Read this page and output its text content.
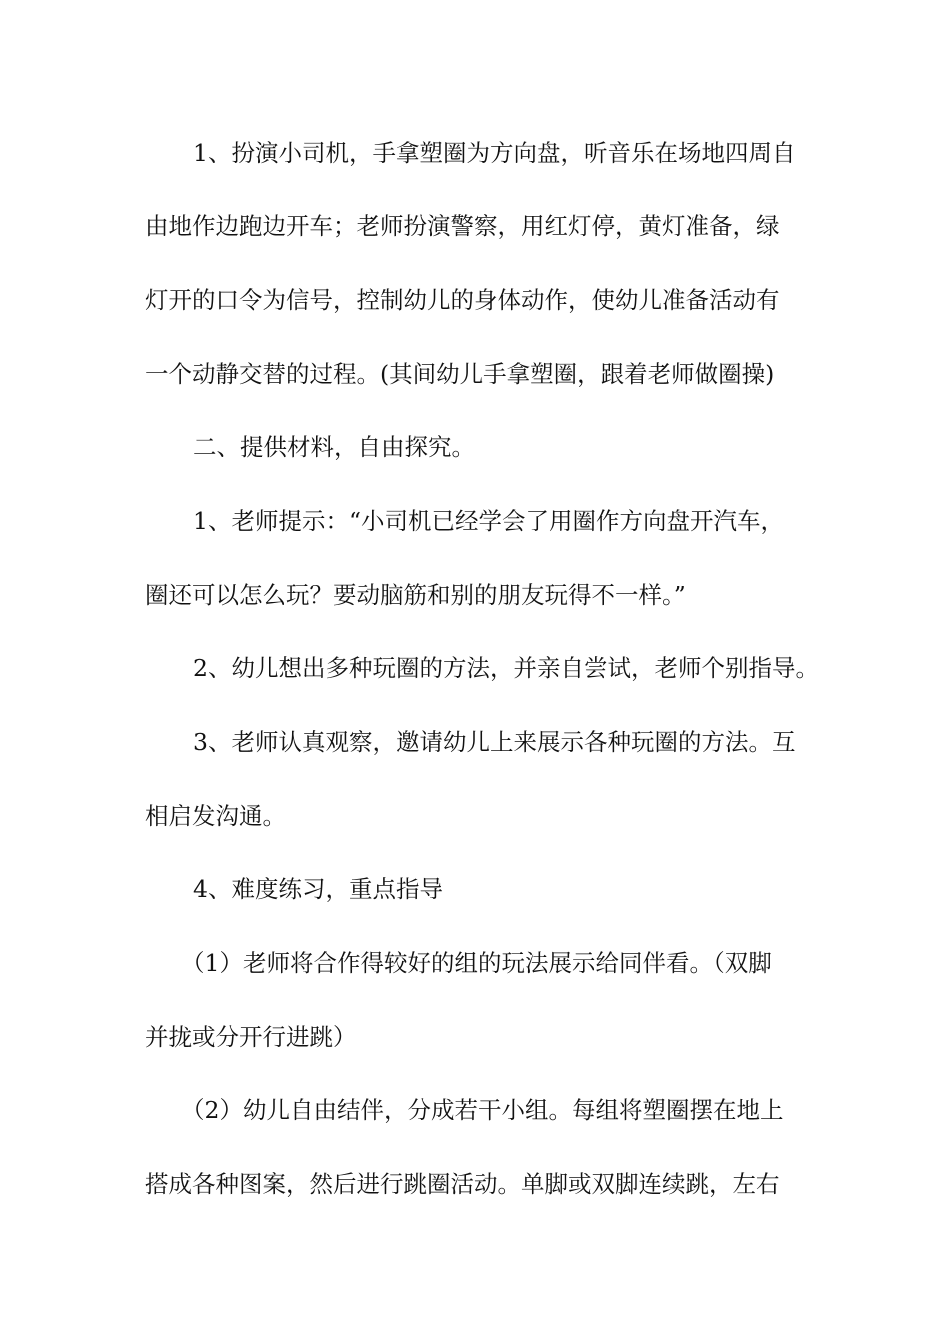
1、扮演小司机，手拿塑圈为方向盘，听音乐在场地四周自
由地作边跑边开车；老师扮演警察，用红灯停，黄灯准备，绿
灯开的口令为信号，控制幼儿的身体动作，使幼儿准备活动有
一个动静交替的过程。(其间幼儿手拿塑圈，跟着老师做圈操)
二、提供材料，自由探究。
1、老师提示：“小司机已经学会了用圈作方向盘开汽车，
圈还可以怎么玩？要动脑筋和别的朋友玩得不一样。”
2、幼儿想出多种玩圈的方法，并亲自尝试，老师个别指导。
3、老师认真观察，邀请幼儿上来展示各种玩圈的方法。互
相启发沟通。
4、难度练习，重点指导
（1）老师将合作得较好的组的玩法展示给同伴看。（双脚
并拢或分开行进跳）
（2）幼儿自由结伴，分成若干小组。每组将塑圈摆在地上
搭成各种图案，然后进行跳圈活动。单脚或双脚连续跳，左右
